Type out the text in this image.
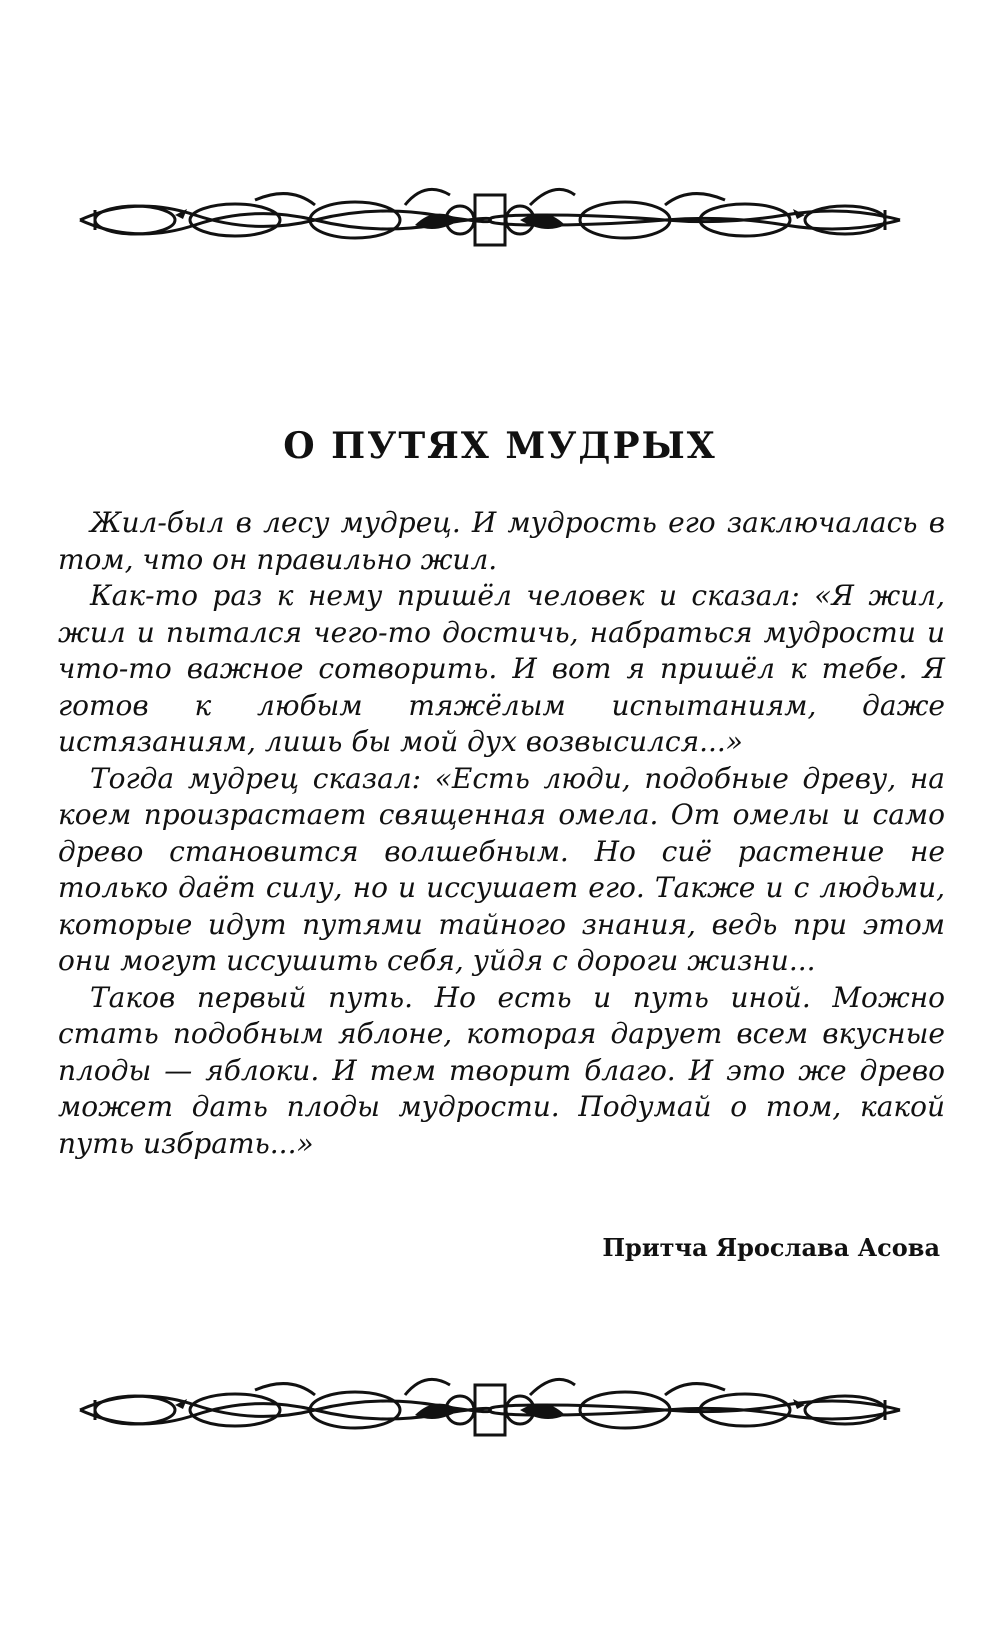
О ПУТЯХ МУДРЫХ

Жил-был в лесу мудрец. И мудрость его заключалась в том, что он правильно жил.

Как-то раз к нему пришёл человек и сказал: «Я жил, жил и пытался чего-то достичь, набраться мудрости и что-то важное сотворить. И вот я пришёл к тебе. Я готов к любым тяжёлым испытаниям, даже истязаниям, лишь бы мой дух возвысился...»

Тогда мудрец сказал: «Есть люди, подобные древу, на коем произрастает священная омела. От омелы и само древо становится волшебным. Но сиё растение не только даёт силу, но и иссушает его. Также и с людьми, которые идут путями тайного знания, ведь при этом они могут иссушить себя, уйдя с дороги жизни...

Таков первый путь. Но есть и путь иной. Можно стать подобным яблоне, которая дарует всем вкусные плоды — яблоки. И тем творит благо. И это же древо может дать плоды мудрости. Подумай о том, какой путь избрать...»

Притча Ярослава Асова
